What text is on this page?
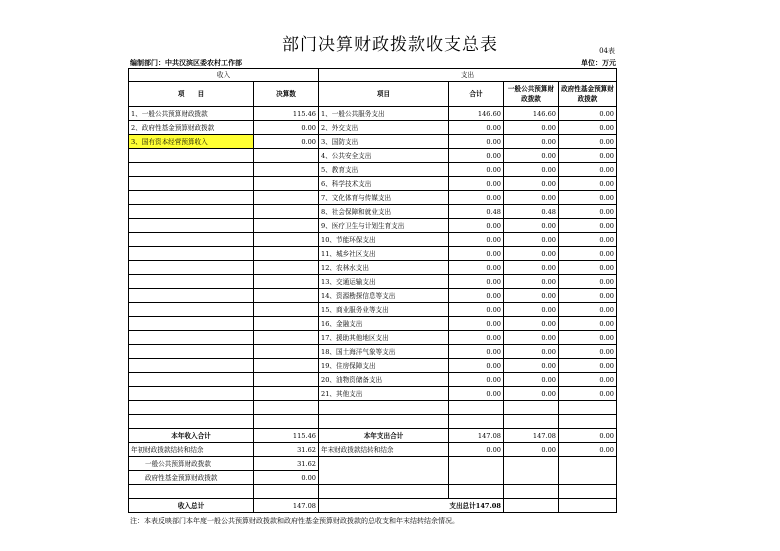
部门决算财政拨款收支总表	04表
编制部门：中共汉滨区委农村工作部	单位：万元
收入		支出			
项　　目	决算数	项目	合计	一般公共预算财政拨款	政府性基金预算财政拨款
1、一般公共预算财政拨款	115.46	1、一般公共服务支出	146.60	146.60	0.00
2、政府性基金预算财政拨款	0.00	2、外交支出	0.00	0.00	0.00
3、国有资本经营预算收入	0.00	3、国防支出	0.00	0.00	0.00
		4、公共安全支出	0.00	0.00	0.00
		5、教育支出	0.00	0.00	0.00
		6、科学技术支出	0.00	0.00	0.00
		7、文化体育与传媒支出	0.00	0.00	0.00
		8、社会保障和就业支出	0.48	0.48	0.00
		9、医疗卫生与计划生育支出	0.00	0.00	0.00
		10、节能环保支出	0.00	0.00	0.00
		11、城乡社区支出	0.00	0.00	0.00
		12、农林水支出	0.00	0.00	0.00
		13、交通运输支出	0.00	0.00	0.00
		14、资源勘探信息等支出	0.00	0.00	0.00
		15、商业服务业等支出	0.00	0.00	0.00
		16、金融支出	0.00	0.00	0.00
		17、援助其他地区支出	0.00	0.00	0.00
		18、国土海洋气象等支出	0.00	0.00	0.00
		19、住房保障支出	0.00	0.00	0.00
		20、油物资储备支出	0.00	0.00	0.00
		21、其他支出	0.00	0.00	0.00

本年收入合计	115.46	本年支出合计	147.08	147.08	0.00
年初财政拨款结转和结余	31.62	年末财政拨款结转和结余	0.00	0.00	0.00
一般公共预算财政拨款	31.62				
政府性基金预算财政拨款	0.00				

收入总计	147.08	支出总计147.08			
注：本表反映部门本年度一般公共预算财政拨款和政府性基金预算财政拨款的总收支和年末结转结余情况。
